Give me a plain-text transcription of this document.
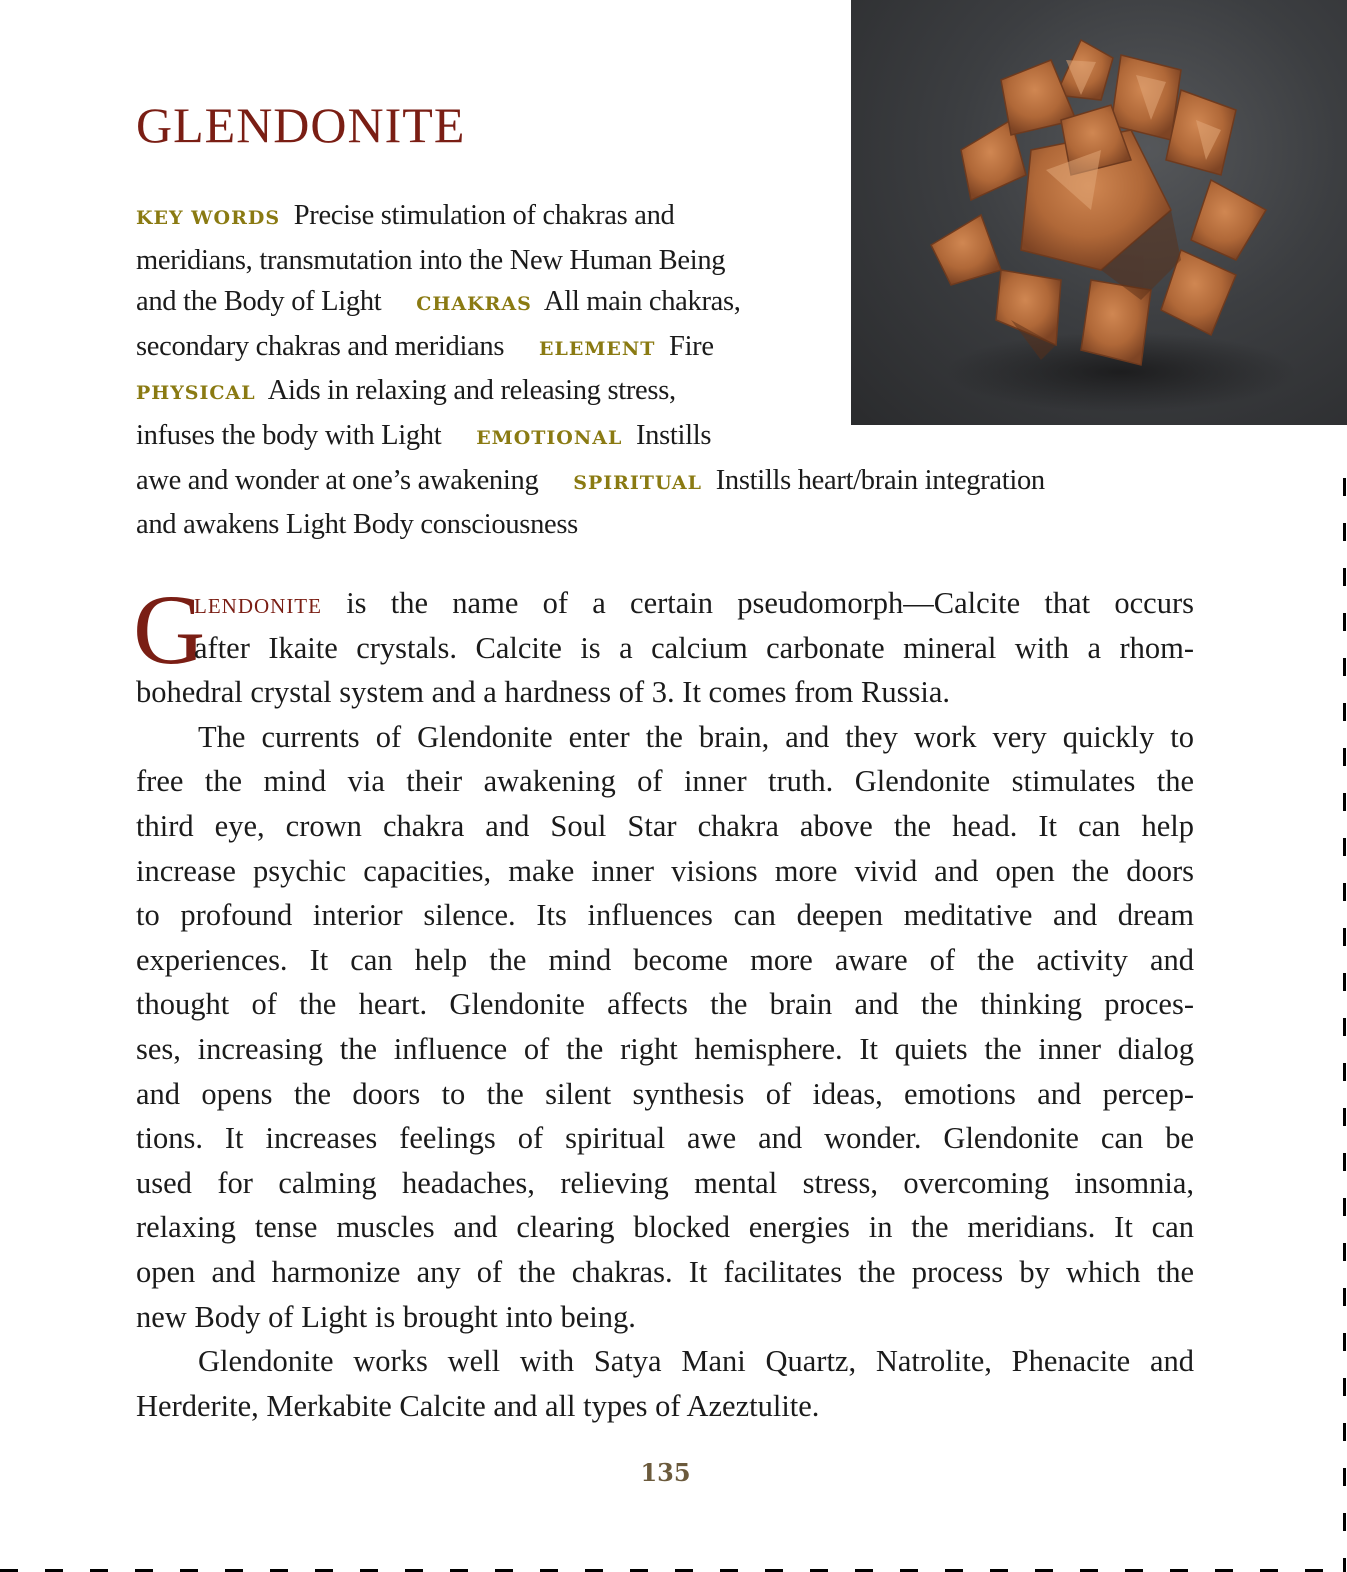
GLENDONITE
KEY WORDS Precise stimulation of chakras and
meridians, transmutation into the New Human Being
and the Body of Light CHAKRAS All main chakras,
secondary chakras and meridians ELEMENT Fire
PHYSICAL Aids in relaxing and releasing stress,
infuses the body with Light EMOTIONAL Instills
awe and wonder at one’s awakening SPIRITUAL Instills heart/brain integration
and awakens Light Body consciousness
G
lendonite is the name of a certain pseudomorph—Calcite that occurs
after Ikaite crystals. Calcite is a calcium carbonate mineral with a rhom-
bohedral crystal system and a hardness of 3. It comes from Russia.
The currents of Glendonite enter the brain, and they work very quickly to
free the mind via their awakening of inner truth. Glendonite stimulates the
third eye, crown chakra and Soul Star chakra above the head. It can help
increase psychic capacities, make inner visions more vivid and open the doors
to profound interior silence. Its influences can deepen meditative and dream
experiences. It can help the mind become more aware of the activity and
thought of the heart. Glendonite affects the brain and the thinking proces-
ses, increasing the influence of the right hemisphere. It quiets the inner dialog
and opens the doors to the silent synthesis of ideas, emotions and percep-
tions. It increases feelings of spiritual awe and wonder. Glendonite can be
used for calming headaches, relieving mental stress, overcoming insomnia,
relaxing tense muscles and clearing blocked energies in the meridians. It can
open and harmonize any of the chakras. It facilitates the process by which the
new Body of Light is brought into being.
Glendonite works well with Satya Mani Quartz, Natrolite, Phenacite and
Herderite, Merkabite Calcite and all types of Azeztulite.
135
